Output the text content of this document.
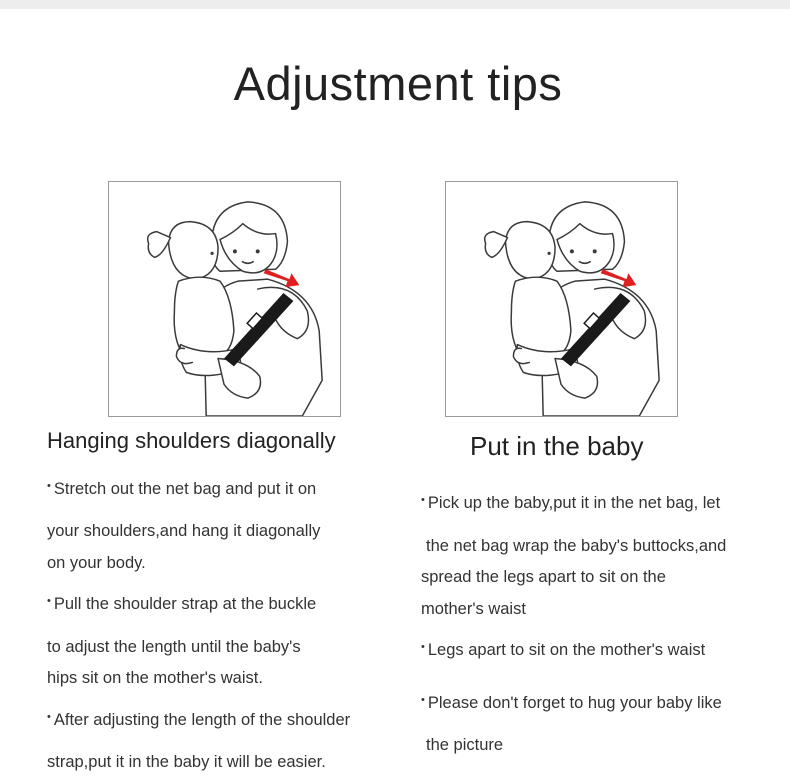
Adjustment tips
Hanging shoulders diagonally
• Stretch out the net bag and put it on
your shoulders,and hang it diagonally
on your body.
• Pull the shoulder strap at the buckle
to adjust the length until the baby's
hips sit on the mother's waist.
• After adjusting the length of the shoulder
strap,put it in the baby it will be easier.
Put in the baby
• Pick up the baby,put it in the net bag, let
the net bag wrap the baby's buttocks,and
spread the legs apart to sit on the
mother's waist
• Legs apart to sit on the mother's waist
• Please don't forget to hug your baby like
the picture
